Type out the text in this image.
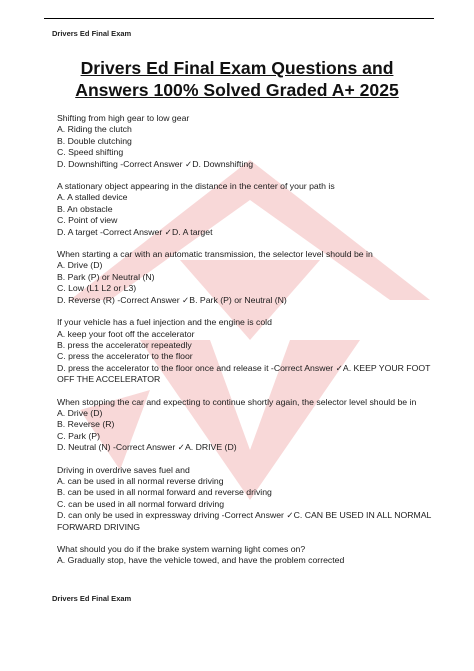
Drivers Ed Final Exam
Drivers Ed Final Exam Questions and Answers 100% Solved Graded A+ 2025

Shifting from high gear to low gear

A. Riding the clutch

B. Double clutching

C. Speed shifting

D. Downshifting -Correct Answer ✓D. Downshifting

A stationary object appearing in the distance in the center of your path is

A. A stalled device

B. An obstacle

C. Point of view

D. A target -Correct Answer ✓D. A target

When starting a car with an automatic transmission, the selector level should be in

A. Drive (D)

B. Park (P) or Neutral (N)

C. Low (L1 L2 or L3)

D. Reverse (R) -Correct Answer ✓B. Park (P) or Neutral (N)

If your vehicle has a fuel injection and the engine is cold

A. keep your foot off the accelerator

B. press the accelerator repeatedly

C. press the accelerator to the floor

D. press the accelerator to the floor once and release it -Correct Answer ✓A. KEEP YOUR FOOT OFF THE ACCELERATOR

When stopping the car and expecting to continue shortly again, the selector level should be in

A. Drive (D)

B. Reverse (R)

C. Park (P)

D. Neutral (N) -Correct Answer ✓A. DRIVE (D)

Driving in overdrive saves fuel and

A. can be used in all normal reverse driving

B. can be used in all normal forward and reverse driving

C. can be used in all normal forward driving

D. can only be used in expressway driving -Correct Answer ✓C. CAN BE USED IN ALL NORMAL FORWARD DRIVING

What should you do if the brake system warning light comes on?

A. Gradually stop, have the vehicle towed, and have the problem corrected

Drivers Ed Final Exam
